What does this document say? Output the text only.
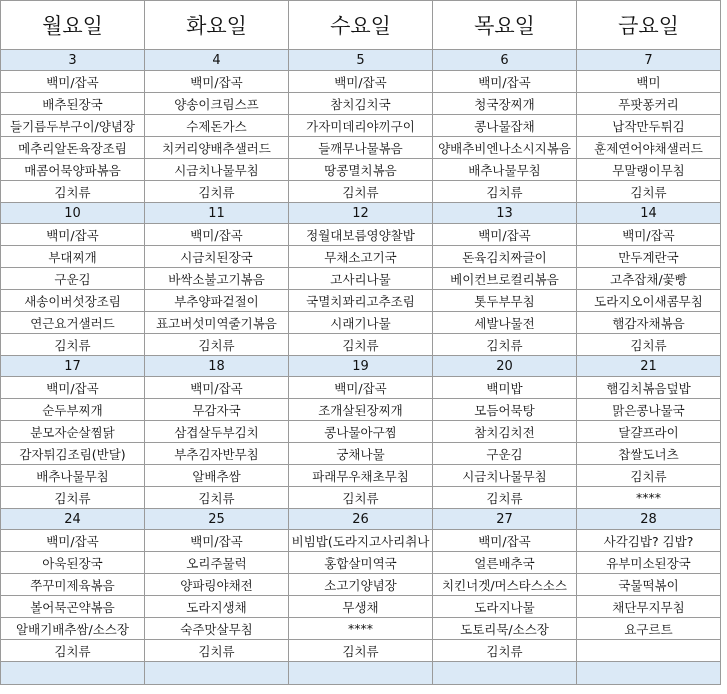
월요일	화요일	수요일	목요일	금요일
3	4	5	6	7
백미/잡곡	백미/잡곡	백미/잡곡	백미/잡곡	백미
배추된장국	양송이크림스프	참치김치국	청국장찌개	푸팟퐁커리
들기름두부구이/양념장	수제돈가스	가자미데리야끼구이	콩나물잡채	납작만두튀김
메추리알돈육장조림	치커리양배추샐러드	들깨무나물볶음	양배추비엔나소시지볶음	훈제연어야채샐러드
매콤어묵양파볶음	시금치나물무침	땅콩멸치볶음	배추나물무침	무말랭이무침
김치류	김치류	김치류	김치류	김치류
10	11	12	13	14
백미/잡곡	백미/잡곡	정월대보름영양찰밥	백미/잡곡	백미/잡곡
부대찌개	시금치된장국	무채소고기국	돈육김치짜글이	만두계란국
구운김	바싹소불고기볶음	고사리나물	베이컨브로컬리볶음	고추잡채/꽃빵
새송이버섯장조림	부추양파겉절이	국멸치꽈리고추조림	톳두부무침	도라지오이새콤무침
연근요거샐러드	표고버섯미역줄기볶음	시래기나물	세발나물전	햄감자채볶음
김치류	김치류	김치류	김치류	김치류
17	18	19	20	21
백미/잡곡	백미/잡곡	백미/잡곡	백미밥	햄김치볶음덮밥
순두부찌개	무감자국	조개살된장찌개	모듬어묵탕	맑은콩나물국
분모자순살찜닭	삼겹살두부김치	콩나물아구찜	참치김치전	달걀프라이
감자튀김조림(반달)	부추김자반무침	궁채나물	구운김	찹쌀도너츠
배추나물무침	알배추쌈	파래무우채초무침	시금치나물무침	김치류
김치류	김치류	김치류	김치류	****
24	25	26	27	28
백미/잡곡	백미/잡곡	비빔밥(도라지고사리취나	백미/잡곡	사각김밥? 김밥?
아욱된장국	오리주물럭	홍합살미역국	얼른배추국	유부미소된장국
쭈꾸미제육볶음	양파링야채전	소고기양념장	치킨너겟/머스타스소스	국물떡볶이
볼어묵곤약볶음	도라지생채	무생채	도라지나물	채단무지무침
알배기배추쌈/소스장	숙주맛살무침	****	도토리묵/소스장	요구르트
김치류	김치류	김치류	김치류	
